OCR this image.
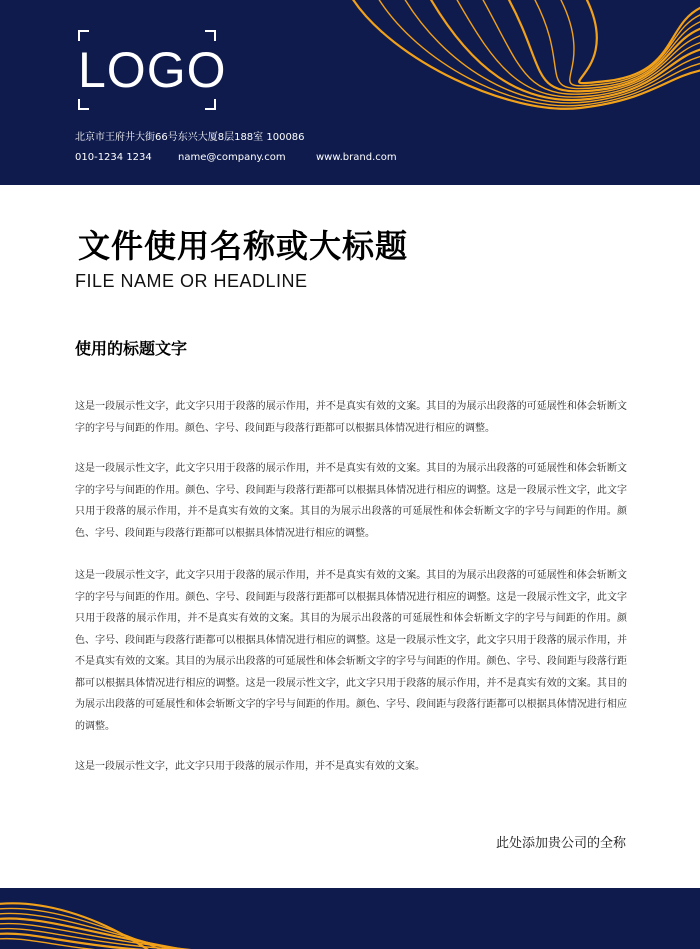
LOGO
北京市王府井大街66号东兴大厦8层188室 100086
010-1234 1234	name@company.com	www.brand.com
文件使用名称或大标题
FILE NAME OR HEADLINE
使用的标题文字

这是一段展示性文字，此文字只用于段落的展示作用，并不是真实有效的文案。其目的为展示出段落的可延展性和体会斩断文字的字号与间距的作用。颜色、字号、段间距与段落行距都可以根据具体情况进行相应的调整。

这是一段展示性文字，此文字只用于段落的展示作用，并不是真实有效的文案。其目的为展示出段落的可延展性和体会斩断文字的字号与间距的作用。颜色、字号、段间距与段落行距都可以根据具体情况进行相应的调整。这是一段展示性文字，此文字只用于段落的展示作用，并不是真实有效的文案。其目的为展示出段落的可延展性和体会斩断文字的字号与间距的作用。颜色、字号、段间距与段落行距都可以根据具体情况进行相应的调整。

这是一段展示性文字，此文字只用于段落的展示作用，并不是真实有效的文案。其目的为展示出段落的可延展性和体会斩断文字的字号与间距的作用。颜色、字号、段间距与段落行距都可以根据具体情况进行相应的调整。这是一段展示性文字，此文字只用于段落的展示作用，并不是真实有效的文案。其目的为展示出段落的可延展性和体会斩断文字的字号与间距的作用。颜色、字号、段间距与段落行距都可以根据具体情况进行相应的调整。这是一段展示性文字，此文字只用于段落的展示作用，并不是真实有效的文案。其目的为展示出段落的可延展性和体会斩断文字的字号与间距的作用。颜色、字号、段间距与段落行距都可以根据具体情况进行相应的调整。这是一段展示性文字，此文字只用于段落的展示作用，并不是真实有效的文案。其目的为展示出段落的可延展性和体会斩断文字的字号与间距的作用。颜色、字号、段间距与段落行距都可以根据具体情况进行相应的调整。

这是一段展示性文字，此文字只用于段落的展示作用，并不是真实有效的文案。

此处添加贵公司的全称
